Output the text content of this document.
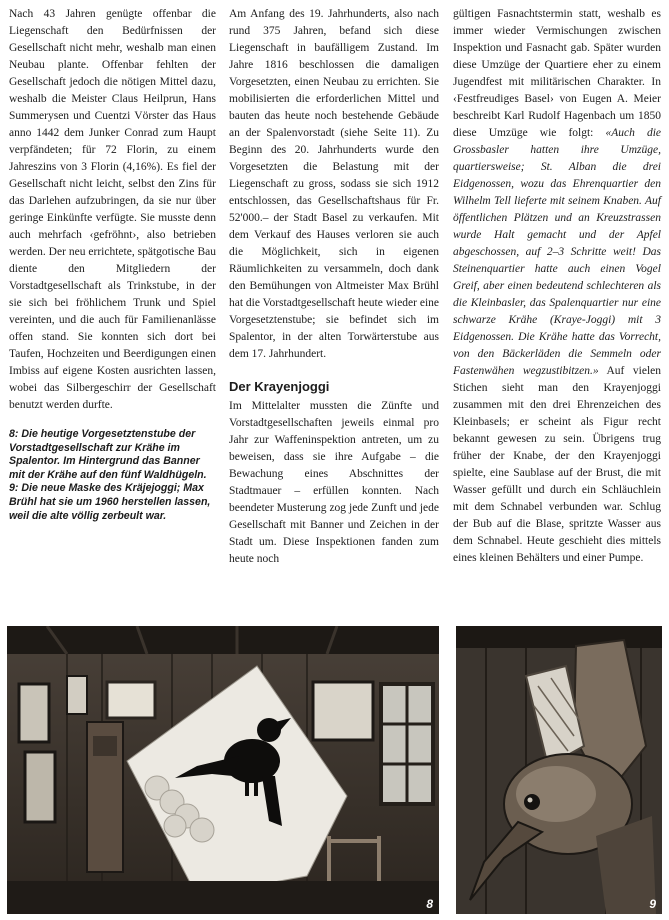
Nach 43 Jahren genügte offenbar die Liegenschaft den Bedürfnissen der Gesellschaft nicht mehr, weshalb man einen Neubau plante. Offenbar fehlten der Gesellschaft jedoch die nötigen Mittel dazu, weshalb die Meister Claus Heilprun, Hans Summerysen und Cuentzi Vörster das Haus anno 1442 dem Junker Conrad zum Haupt verpfändeten; für 72 Florin, zu einem Jahreszins von 3 Florin (4,16%). Es fiel der Gesellschaft nicht leicht, selbst den Zins für das Darlehen aufzubringen, da sie nur über geringe Einkünfte verfügte. Sie musste denn auch mehrfach ‹gefröhnt›, also betrieben werden. Der neu errichtete, spätgotische Bau diente den Mitgliedern der Vorstadtgesellschaft als Trinkstube, in der sie sich bei fröhlichem Trunk und Spiel vereinten, und die auch für Familienanlässe offen stand. Sie konnten sich dort bei Taufen, Hochzeiten und Beerdigungen einen Imbiss auf eigene Kosten ausrichten lassen, wobei das Silbergeschirr der Gesellschaft benutzt werden durfte.

8: Die heutige Vorgesetztenstube der Vorstadtgesellschaft zur Krähe im Spalentor. Im Hintergrund das Banner mit der Krähe auf den fünf Waldhügeln.
9: Die neue Maske des Kräjejoggi; Max Brühl hat sie um 1960 herstellen lassen, weil die alte völlig zerbeult war.

Am Anfang des 19. Jahrhunderts, also nach rund 375 Jahren, befand sich diese Liegenschaft in baufälligem Zustand. Im Jahre 1816 beschlossen die damaligen Vorgesetzten, einen Neubau zu errichten. Sie mobilisierten die erforderlichen Mittel und bauten das heute noch bestehende Gebäude an der Spalenvorstadt (siehe Seite 11). Zu Beginn des 20. Jahrhunderts wurde den Vorgesetzten die Belastung mit der Liegenschaft zu gross, sodass sie sich 1912 entschlossen, das Gesellschaftshaus für Fr. 52'000.– der Stadt Basel zu verkaufen. Mit dem Verkauf des Hauses verloren sie auch die Möglichkeit, sich in eigenen Räumlichkeiten zu versammeln, doch dank den Bemühungen von Altmeister Max Brühl hat die Vorstadtgesellschaft heute wieder eine Vorgesetztenstube; sie befindet sich im Spalentor, in der alten Torwärterstube aus dem 17. Jahrhundert.

Der Krayenjoggi

Im Mittelalter mussten die Zünfte und Vorstadtgesellschaften jeweils einmal pro Jahr zur Waffeninspektion antreten, um zu beweisen, dass sie ihre Aufgabe – die Bewachung eines Abschnittes der Stadtmauer – erfüllen konnten. Nach beendeter Musterung zog jede Zunft und jede Gesellschaft mit Banner und Zeichen in der Stadt um. Diese Inspektionen fanden zum heute noch

gültigen Fasnachtstermin statt, weshalb es immer wieder Vermischungen zwischen Inspektion und Fasnacht gab. Später wurden diese Umzüge der Quartiere eher zu einem Jugendfest mit militärischen Charakter. In ‹Festfreudiges Basel› von Eugen A. Meier beschreibt Karl Rudolf Hagenbach um 1850 diese Umzüge wie folgt: «Auch die Grossbasler hatten ihre Umzüge, quartiersweise; St. Alban die drei Eidgenossen, wozu das Ehrenquartier den Wilhelm Tell lieferte mit seinem Knaben. Auf öffentlichen Plätzen und an Kreuzstrassen wurde Halt gemacht und der Apfel abgeschossen, auf 2–3 Schritte weit! Das Steinenquartier hatte auch einen Vogel Greif, aber einen bedeutend schlechteren als die Kleinbasler, das Spalenquartier nur eine schwarze Krähe (Kraye-Joggi) mit 3 Eidgenossen. Die Krähe hatte das Vorrecht, von den Bäckerläden die Semmeln oder Fastenwähen wegzustibitzen.» Auf vielen Stichen sieht man den Krayenjoggi zusammen mit den drei Ehrenzeichen des Kleinbasels; er scheint als Figur recht bekannt gewesen zu sein. Übrigens trug früher der Knabe, der den Krayenjoggi spielte, eine Saublase auf der Brust, die mit Wasser gefüllt und durch ein Schläuchlein mit dem Schnabel verbunden war. Schlug der Bub auf die Blase, spritzte Wasser aus dem Schnabel. Heute geschieht dies mittels eines kleinen Behälters und einer Pumpe.

8	9
